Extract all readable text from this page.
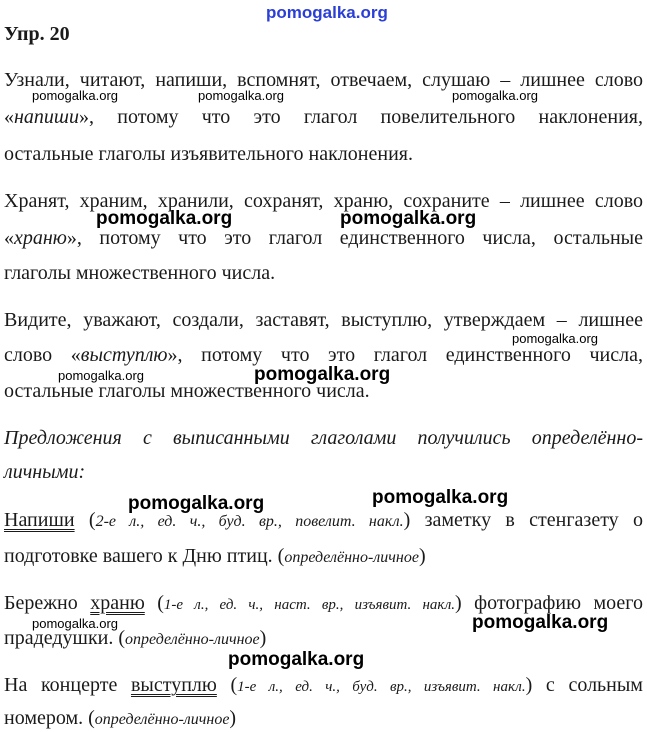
pomogalka.org
pomogalka.org	pomogalka.org	pomogalka.org
pomogalka.org	pomogalka.org
pomogalka.org
pomogalka.org	pomogalka.org
pomogalka.org	pomogalka.org
pomogalka.org	pomogalka.org
pomogalka.org
Упр. 20
Узнали, читают, напиши, вспомнят, отвечаем, слушаю – лишнее слово
«напиши», потому что это глагол повелительного наклонения,
остальные глаголы изъявительного наклонения.
Хранят, храним, хранили, сохранят, храню, сохраните – лишнее слово
«храню», потому что это глагол единственного числа, остальные
глаголы множественного числа.
Видите, уважают, создали, заставят, выступлю, утверждаем – лишнее
слово «выступлю», потому что это глагол единственного числа,
остальные глаголы множественного числа.
Предложения с выписанными глаголами получились определённо-
личными:
Напиши (2-е л., ед. ч., буд. вр., повелит. накл.) заметку в стенгазету о
подготовке вашего к Дню птиц. (определённо-личное)
Бережно храню (1-е л., ед. ч., наст. вр., изъявит. накл.) фотографию моего
прадедушки. (определённо-личное)
На концерте выступлю (1-е л., ед. ч., буд. вр., изъявит. накл.) с сольным
номером. (определённо-личное)
